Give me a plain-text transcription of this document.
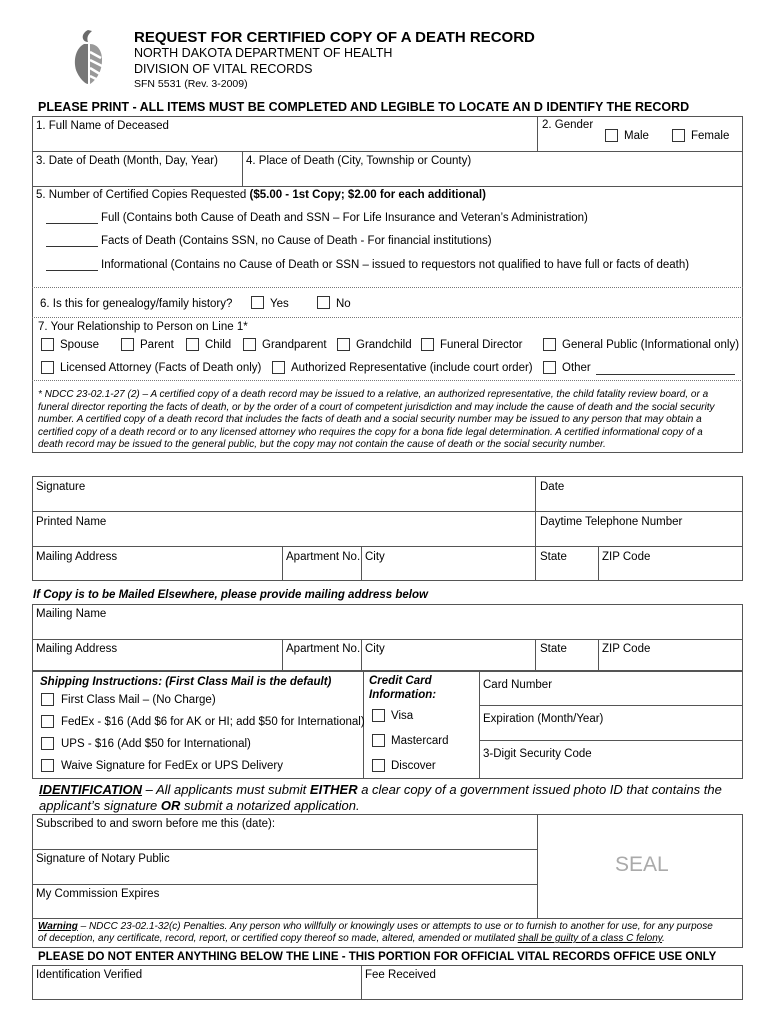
REQUEST FOR CERTIFIED COPY OF A DEATH RECORD
NORTH DAKOTA DEPARTMENT OF HEALTH
DIVISION OF VITAL RECORDS
SFN 5531 (Rev. 3-2009)
PLEASE PRINT - ALL ITEMS MUST BE COMPLETED AND LEGIBLE TO LOCATE AN D IDENTIFY THE RECORD
1. Full Name of Deceased	2. Gender
Male	Female
3. Date of Death (Month, Day, Year) 4. Place of Death (City, Township or County)
5. Number of Certified Copies Requested ($5.00 - 1st Copy; $2.00 for each additional)
Full (Contains both Cause of Death and SSN – For Life Insurance and Veteran’s Administration)
Facts of Death (Contains SSN, no Cause of Death - For financial institutions)
Informational (Contains no Cause of Death or SSN – issued to requestors not qualified to have full or facts of death)
6. Is this for genealogy/family history?	Yes	No
7. Your Relationship to Person on Line 1*
Spouse	Parent	Child	Grandparent	Grandchild Funeral Director	General Public (Informational only)
Licensed Attorney (Facts of Death only)	Authorized Representative (include court order)	Other
* NDCC 23-02.1-27 (2) – A certified copy of a death record may be issued to a relative, an authorized representative, the child fatality review board, or a
funeral director reporting the facts of death, or by the order of a court of competent jurisdiction and may include the cause of death and the social security
number. A certified copy of a death record that includes the facts of death and a social security number may be issued to any person that may obtain a
certified copy of a death record or to any licensed attorney who requires the copy for a bona fide legal determination. A certified informational copy of a
death record may be issued to the general public, but the copy may not contain the cause of death or the social security number.
Signature	Date
Printed Name	Daytime Telephone Number
Mailing Address	Apartment No. City	State	ZIP Code
If Copy is to be Mailed Elsewhere, please provide mailing address below
Mailing Name
Mailing Address	Apartment No. City	State	ZIP Code
Shipping Instructions: (First Class Mail is the default)
First Class Mail – (No Charge)
FedEx - $16 (Add $6 for AK or HI; add $50 for International)
UPS - $16 (Add $50 for International)
Waive Signature for FedEx or UPS Delivery
Credit Card
Information:
Visa
Mastercard
Discover
Card Number
Expiration (Month/Year)
3-Digit Security Code
IDENTIFICATION – All applicants must submit EITHER a clear copy of a government issued photo ID that contains the
applicant’s signature OR submit a notarized application.
Subscribed to and sworn before me this (date):
Signature of Notary Public
My Commission Expires
SEAL
Warning – NDCC 23-02.1-32(c) Penalties. Any person who willfully or knowingly uses or attempts to use or to furnish to another for use, for any purpose
of deception, any certificate, record, report, or certified copy thereof so made, altered, amended or mutilated shall be guilty of a class C felony.
PLEASE DO NOT ENTER ANYTHING BELOW THE LINE - THIS PORTION FOR OFFICIAL VITAL RECORDS OFFICE USE ONLY
Identification Verified	Fee Received
